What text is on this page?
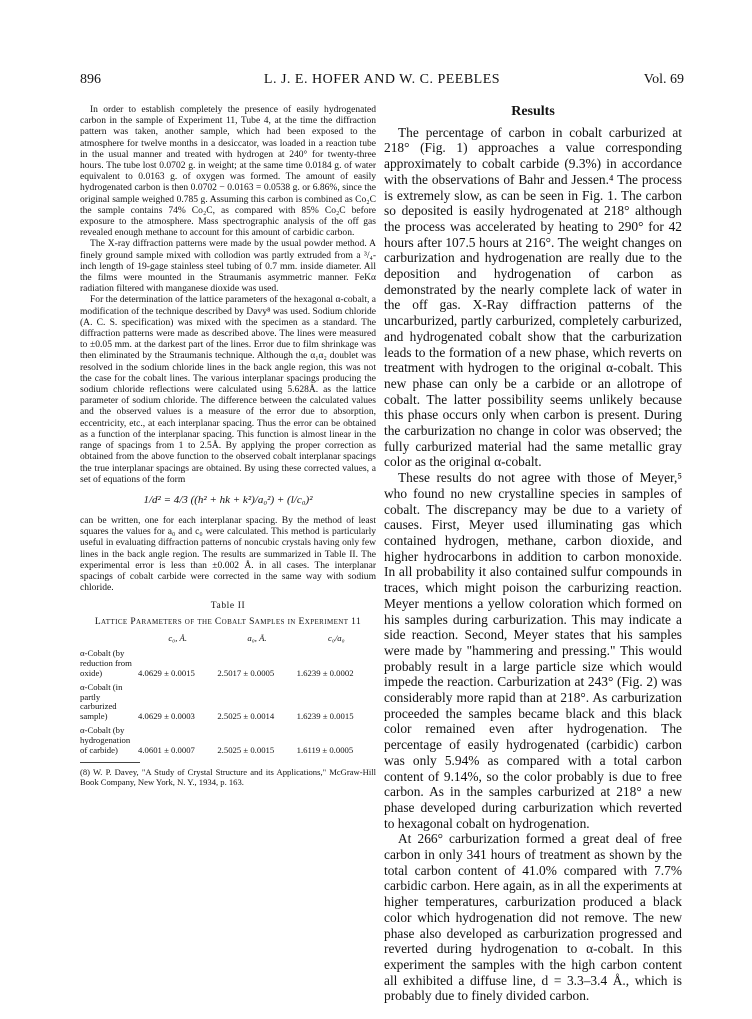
896	L. J. E. HOFER AND W. C. PEEBLES	Vol. 69

In order to establish completely the presence of easily hydrogenated carbon in the sample of Experiment 11, Tube 4, at the time the diffraction pattern was taken, another sample, which had been exposed to the atmosphere for twelve months in a desiccator, was loaded in a reaction tube in the usual manner and treated with hydrogen at 240° for twenty-three hours. The tube lost 0.0702 g. in weight; at the same time 0.0184 g. of water equivalent to 0.0163 g. of oxygen was formed. The amount of easily hydrogenated carbon is then 0.0702 − 0.0163 = 0.0538 g. or 6.86%, since the original sample weighed 0.785 g. Assuming this carbon is combined as Co₂C the sample contains 74% Co₂C, as compared with 85% Co₂C before exposure to the atmosphere. Mass spectrographic analysis of the off gas revealed enough methane to account for this amount of carbidic carbon.

The X-ray diffraction patterns were made by the usual powder method. A finely ground sample mixed with collodion was partly extruded from a ³/₄-inch length of 19-gage stainless steel tubing of 0.7 mm. inside diameter. All the films were mounted in the Straumanis asymmetric manner. FeKα radiation filtered with manganese dioxide was used.

For the determination of the lattice parameters of the hexagonal α-cobalt, a modification of the technique described by Davy⁸ was used. Sodium chloride (A. C. S. specification) was mixed with the specimen as a standard. The diffraction patterns were made as described above. The lines were measured to ±0.05 mm. at the darkest part of the lines. Error due to film shrinkage was then eliminated by the Straumanis technique. Although the α₁α₂ doublet was resolved in the sodium chloride lines in the back angle region, this was not the case for the cobalt lines. The various interplanar spacings producing the sodium chloride reflections were calculated using 5.628Å. as the lattice parameter of sodium chloride. The difference between the calculated values and the observed values is a measure of the error due to absorption, eccentricity, etc., at each interplanar spacing. Thus the error can be obtained as a function of the interplanar spacing. This function is almost linear in the range of spacings from 1 to 2.5Å. By applying the proper correction as obtained from the above function to the observed cobalt interplanar spacings the true interplanar spacings are obtained. By using these corrected values, a set of equations of the form

1/d² = 4/3 ((h² + hk + k²)/a₀²) + (l/c₀)²

can be written, one for each interplanar spacing. By the method of least squares the values for a₀ and c₀ were calculated. This method is particularly useful in evaluating diffraction patterns of noncubic crystals having only few lines in the back angle region. The results are summarized in Table II. The experimental error is less than ±0.002 Å. in all cases. The interplanar spacings of cobalt carbide were corrected in the same way with sodium chloride.

Table II
Lattice Parameters of the Cobalt Samples in Experiment 11
	c₀, Å.	a₀, Å.	c₀/a₀
α-Cobalt (by reduction from oxide)	4.0629 ± 0.0015	2.5017 ± 0.0005	1.6239 ± 0.0002
α-Cobalt (in partly carburized sample)	4.0629 ± 0.0003	2.5025 ± 0.0014	1.6239 ± 0.0015
α-Cobalt (by hydrogenation of carbide)	4.0601 ± 0.0007	2.5025 ± 0.0015	1.6119 ± 0.0005
(8) W. P. Davey, "A Study of Crystal Structure and its Applications," McGraw-Hill Book Company, New York, N. Y., 1934, p. 163.

Results

The percentage of carbon in cobalt carburized at 218° (Fig. 1) approaches a value corresponding approximately to cobalt carbide (9.3%) in accordance with the observations of Bahr and Jessen.⁴ The process is extremely slow, as can be seen in Fig. 1. The carbon so deposited is easily hydrogenated at 218° although the process was accelerated by heating to 290° for 42 hours after 107.5 hours at 216°. The weight changes on carburization and hydrogenation are really due to the deposition and hydrogenation of carbon as demonstrated by the nearly complete lack of water in the off gas. X-Ray diffraction patterns of the uncarburized, partly carburized, completely carburized, and hydrogenated cobalt show that the carburization leads to the formation of a new phase, which reverts on treatment with hydrogen to the original α-cobalt. This new phase can only be a carbide or an allotrope of cobalt. The latter possibility seems unlikely because this phase occurs only when carbon is present. During the carburization no change in color was observed; the fully carburized material had the same metallic gray color as the original α-cobalt.

These results do not agree with those of Meyer,⁵ who found no new crystalline species in samples of cobalt. The discrepancy may be due to a variety of causes. First, Meyer used illuminating gas which contained hydrogen, methane, carbon dioxide, and higher hydrocarbons in addition to carbon monoxide. In all probability it also contained sulfur compounds in traces, which might poison the carburizing reaction. Meyer mentions a yellow coloration which formed on his samples during carburization. This may indicate a side reaction. Second, Meyer states that his samples were made by "hammering and pressing." This would probably result in a large particle size which would impede the reaction. Carburization at 243° (Fig. 2) was considerably more rapid than at 218°. As carburization proceeded the samples became black and this black color remained even after hydrogenation. The percentage of easily hydrogenated (carbidic) carbon was only 5.94% as compared with a total carbon content of 9.14%, so the color probably is due to free carbon. As in the samples carburized at 218° a new phase developed during carburization which reverted to hexagonal cobalt on hydrogenation.

At 266° carburization formed a great deal of free carbon in only 341 hours of treatment as shown by the total carbon content of 41.0% compared with 7.7% carbidic carbon. Here again, as in all the experiments at higher temperatures, carburization produced a black color which hydrogenation did not remove. The new phase also developed as carburization progressed and reverted during hydrogenation to α-cobalt. In this experiment the samples with the high carbon content all exhibited a diffuse line, d = 3.3–3.4 Å., which is probably due to finely divided carbon.
